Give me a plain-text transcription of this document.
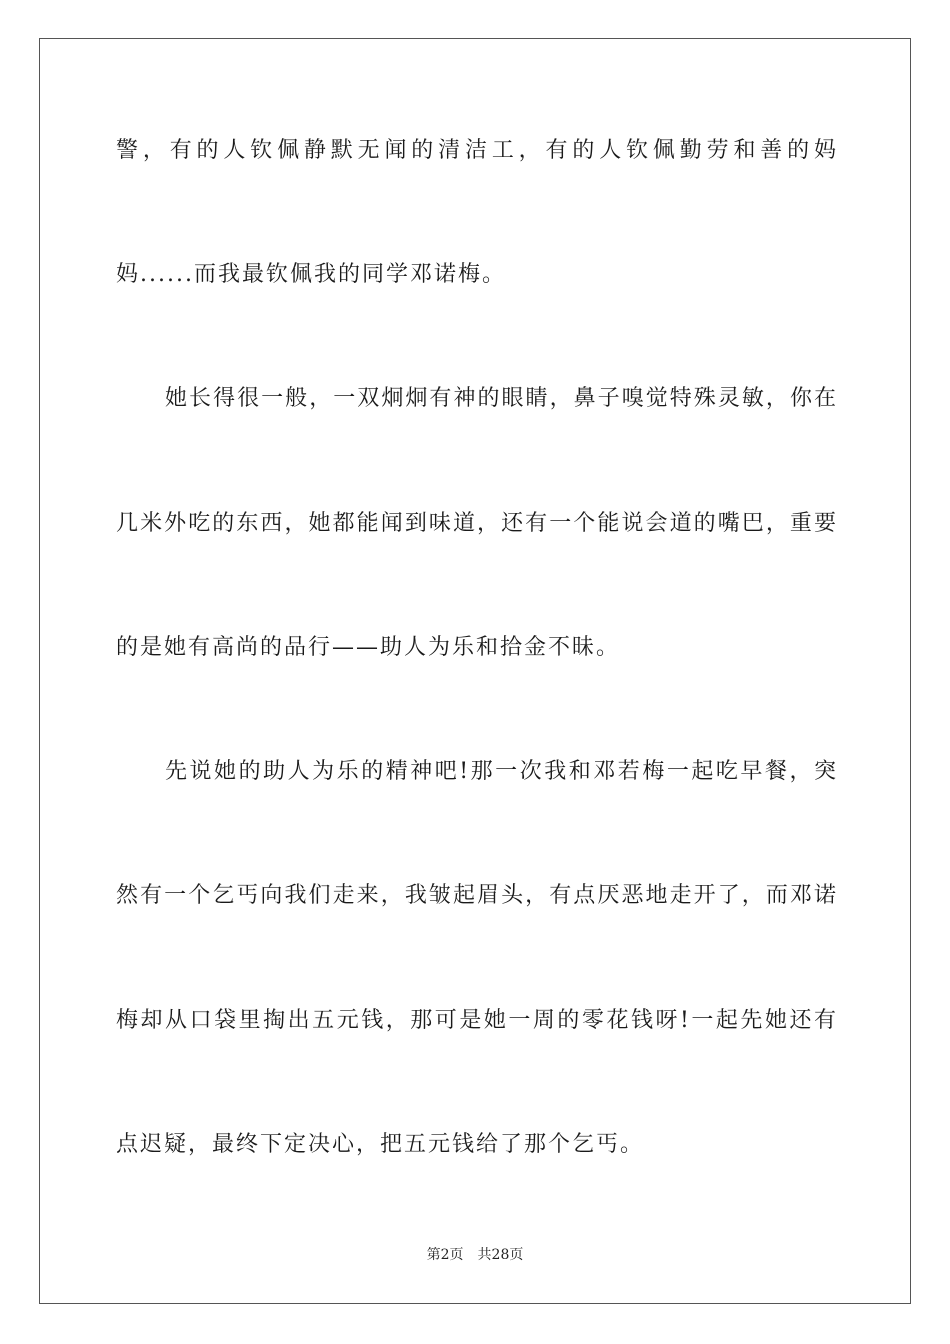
警，有的人钦佩静默无闻的清洁工，有的人钦佩勤劳和善的妈
妈......而我最钦佩我的同学邓诺梅。
她长得很一般，一双炯炯有神的眼睛，鼻子嗅觉特殊灵敏，你在
几米外吃的东西，她都能闻到味道，还有一个能说会道的嘴巴，重要
的是她有高尚的品行——助人为乐和拾金不昧。
先说她的助人为乐的精神吧!那一次我和邓若梅一起吃早餐，突
然有一个乞丐向我们走来，我皱起眉头，有点厌恶地走开了，而邓诺
梅却从口袋里掏出五元钱，那可是她一周的零花钱呀!一起先她还有
点迟疑，最终下定决心，把五元钱给了那个乞丐。
第2页 共28页
